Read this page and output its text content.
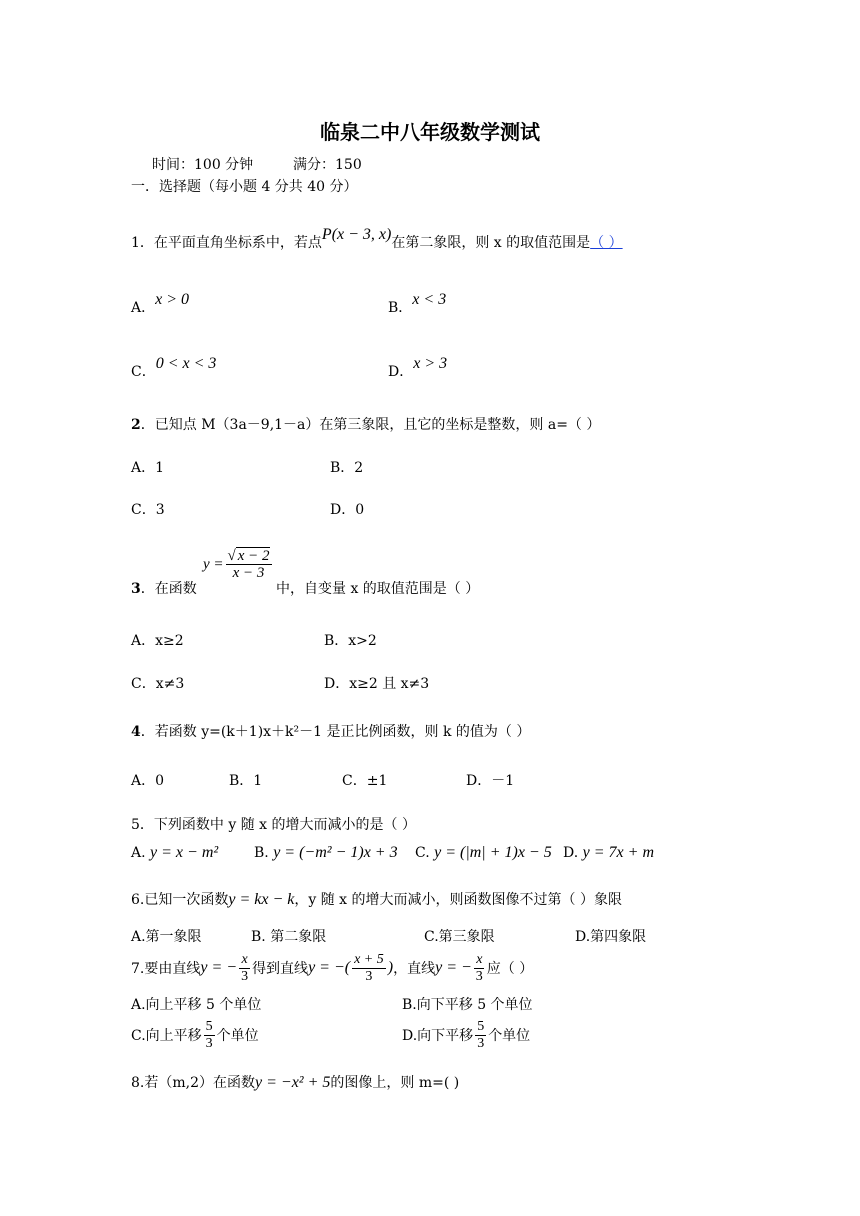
临泉二中八年级数学测试
时间：100 分钟	满分：150
一．选择题（每小题 4 分共 40 分）
1．在平面直角坐标系中，若点P(x − 3, x)在第二象限，则 x 的取值范围是（ ）
A．x > 0	B．x < 3
C．0 < x < 3	D．x > 3
2．已知点 M（3a－9,1－a）在第三象限，且它的坐标是整数，则 a=（ ）
A．1	B．2
C．3	D．0
3．在函数
$y = \frac{√ x - 2}{x - 3}$
中，自变量 x 的取值范围是（ ）
A．x≥2	B．x>2
C．x≠3	D．x≥2 且 x≠3
4．若函数 y=(k＋1)x＋k²－1 是正比例函数，则 k 的值为（ ）
A．0	B．1	C．±1	D．－1
5．下列函数中 y 随 x 的增大而减小的是（ ）
A. y = x − m²	B. y = (−m² − 1)x + 3 C. y = (|m| + 1)x − 5 D. y = 7x + m
6.已知一次函数y = kx − k，y 随 x 的增大而减小，则函数图像不过第（ ）象限
A.第一象限	B. 第二象限	C.第三象限	D.第四象限
7.要由直线 y = − $\frac{x}{3}$ 得到直线 y = −( $\frac{x + 5}{3}$ ) ，直线 y = − $\frac{x}{3}$ 应（ ）
A.向上平移 5 个单位	B.向下平移 5 个单位
C.向上平移 $\frac{5}{3}$ 个单位	D.向下平移 $\frac{5}{3}$ 个单位
8.若（m,2）在函数y = −x² + 5的图像上，则 m=( )
